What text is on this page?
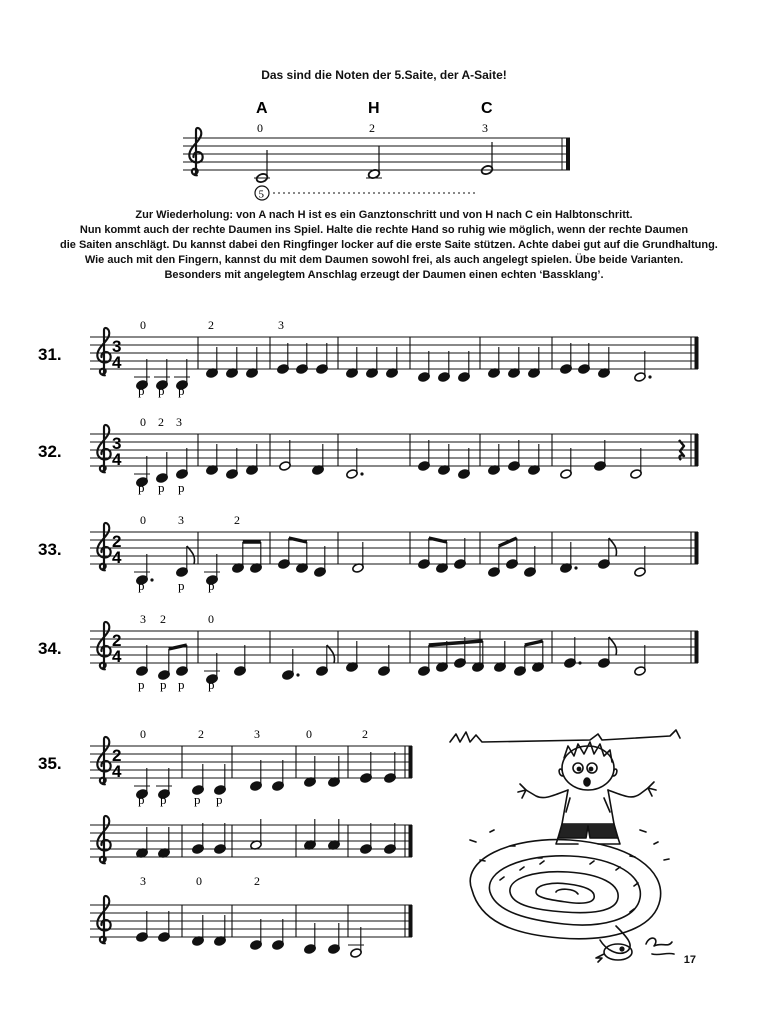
Das sind die Noten der 5.Saite, der A-Saite!
A	H	C
0	2	3
5
31.	3
4
0	2	3
p p p
32.	3
4
0 2 3
p p p
33.	2
4
0	3	2
p	p p
34.	2
4
3 2	0
p p p p
35.	2
4
0	2	3	0	2
p p p p
3	0	2
Zur Wiederholung: von A nach H ist es ein Ganztonschritt und von H nach C ein Halbtonschritt.
Nun kommt auch der rechte Daumen ins Spiel. Halte die rechte Hand so ruhig wie möglich, wenn der rechte Daumen
die Saiten anschlägt. Du kannst dabei den Ringfinger locker auf die erste Saite stützen. Achte dabei gut auf die Grundhaltung.
Wie auch mit den Fingern, kannst du mit dem Daumen sowohl frei, als auch angelegt spielen. Übe beide Varianten.
Besonders mit angelegtem Anschlag erzeugt der Daumen einen echten ‘Bassklang’.
17
